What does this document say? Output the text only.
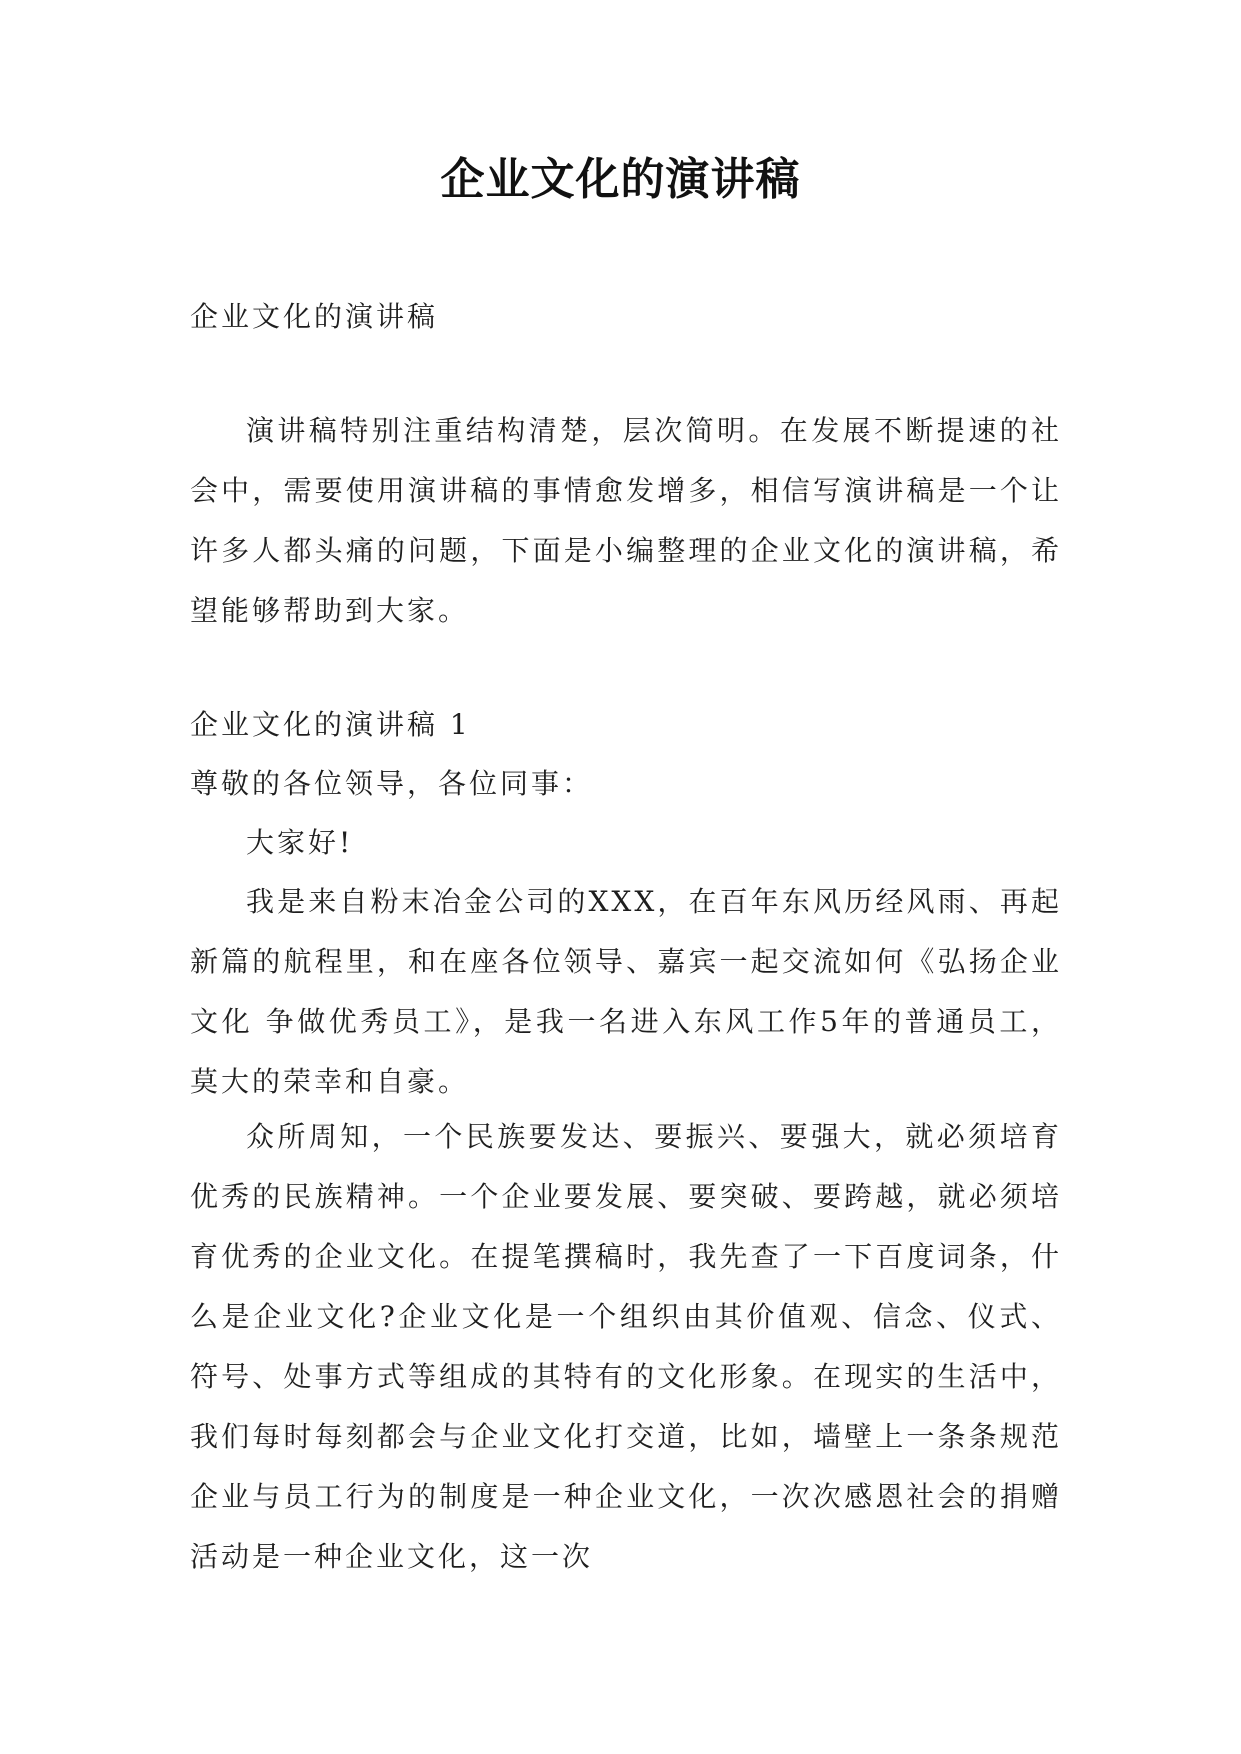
企业文化的演讲稿

企业文化的演讲稿

演讲稿特别注重结构清楚，层次简明。在发展不断提速的社会中，需要使用演讲稿的事情愈发增多，相信写演讲稿是一个让许多人都头痛的问题，下面是小编整理的企业文化的演讲稿，希望能够帮助到大家。

企业文化的演讲稿 1

尊敬的各位领导，各位同事：

大家好!

我是来自粉末冶金公司的XXX，在百年东风历经风雨、再起新篇的航程里，和在座各位领导、嘉宾一起交流如何《弘扬企业文化 争做优秀员工》，是我一名进入东风工作5年的普通员工，莫大的荣幸和自豪。

众所周知，一个民族要发达、要振兴、要强大，就必须培育优秀的民族精神。一个企业要发展、要突破、要跨越，就必须培育优秀的企业文化。在提笔撰稿时，我先查了一下百度词条，什么是企业文化?企业文化是一个组织由其价值观、信念、仪式、符号、处事方式等组成的其特有的文化形象。在现实的生活中，我们每时每刻都会与企业文化打交道，比如，墙壁上一条条规范企业与员工行为的制度是一种企业文化，一次次感恩社会的捐赠活动是一种企业文化，这一次
